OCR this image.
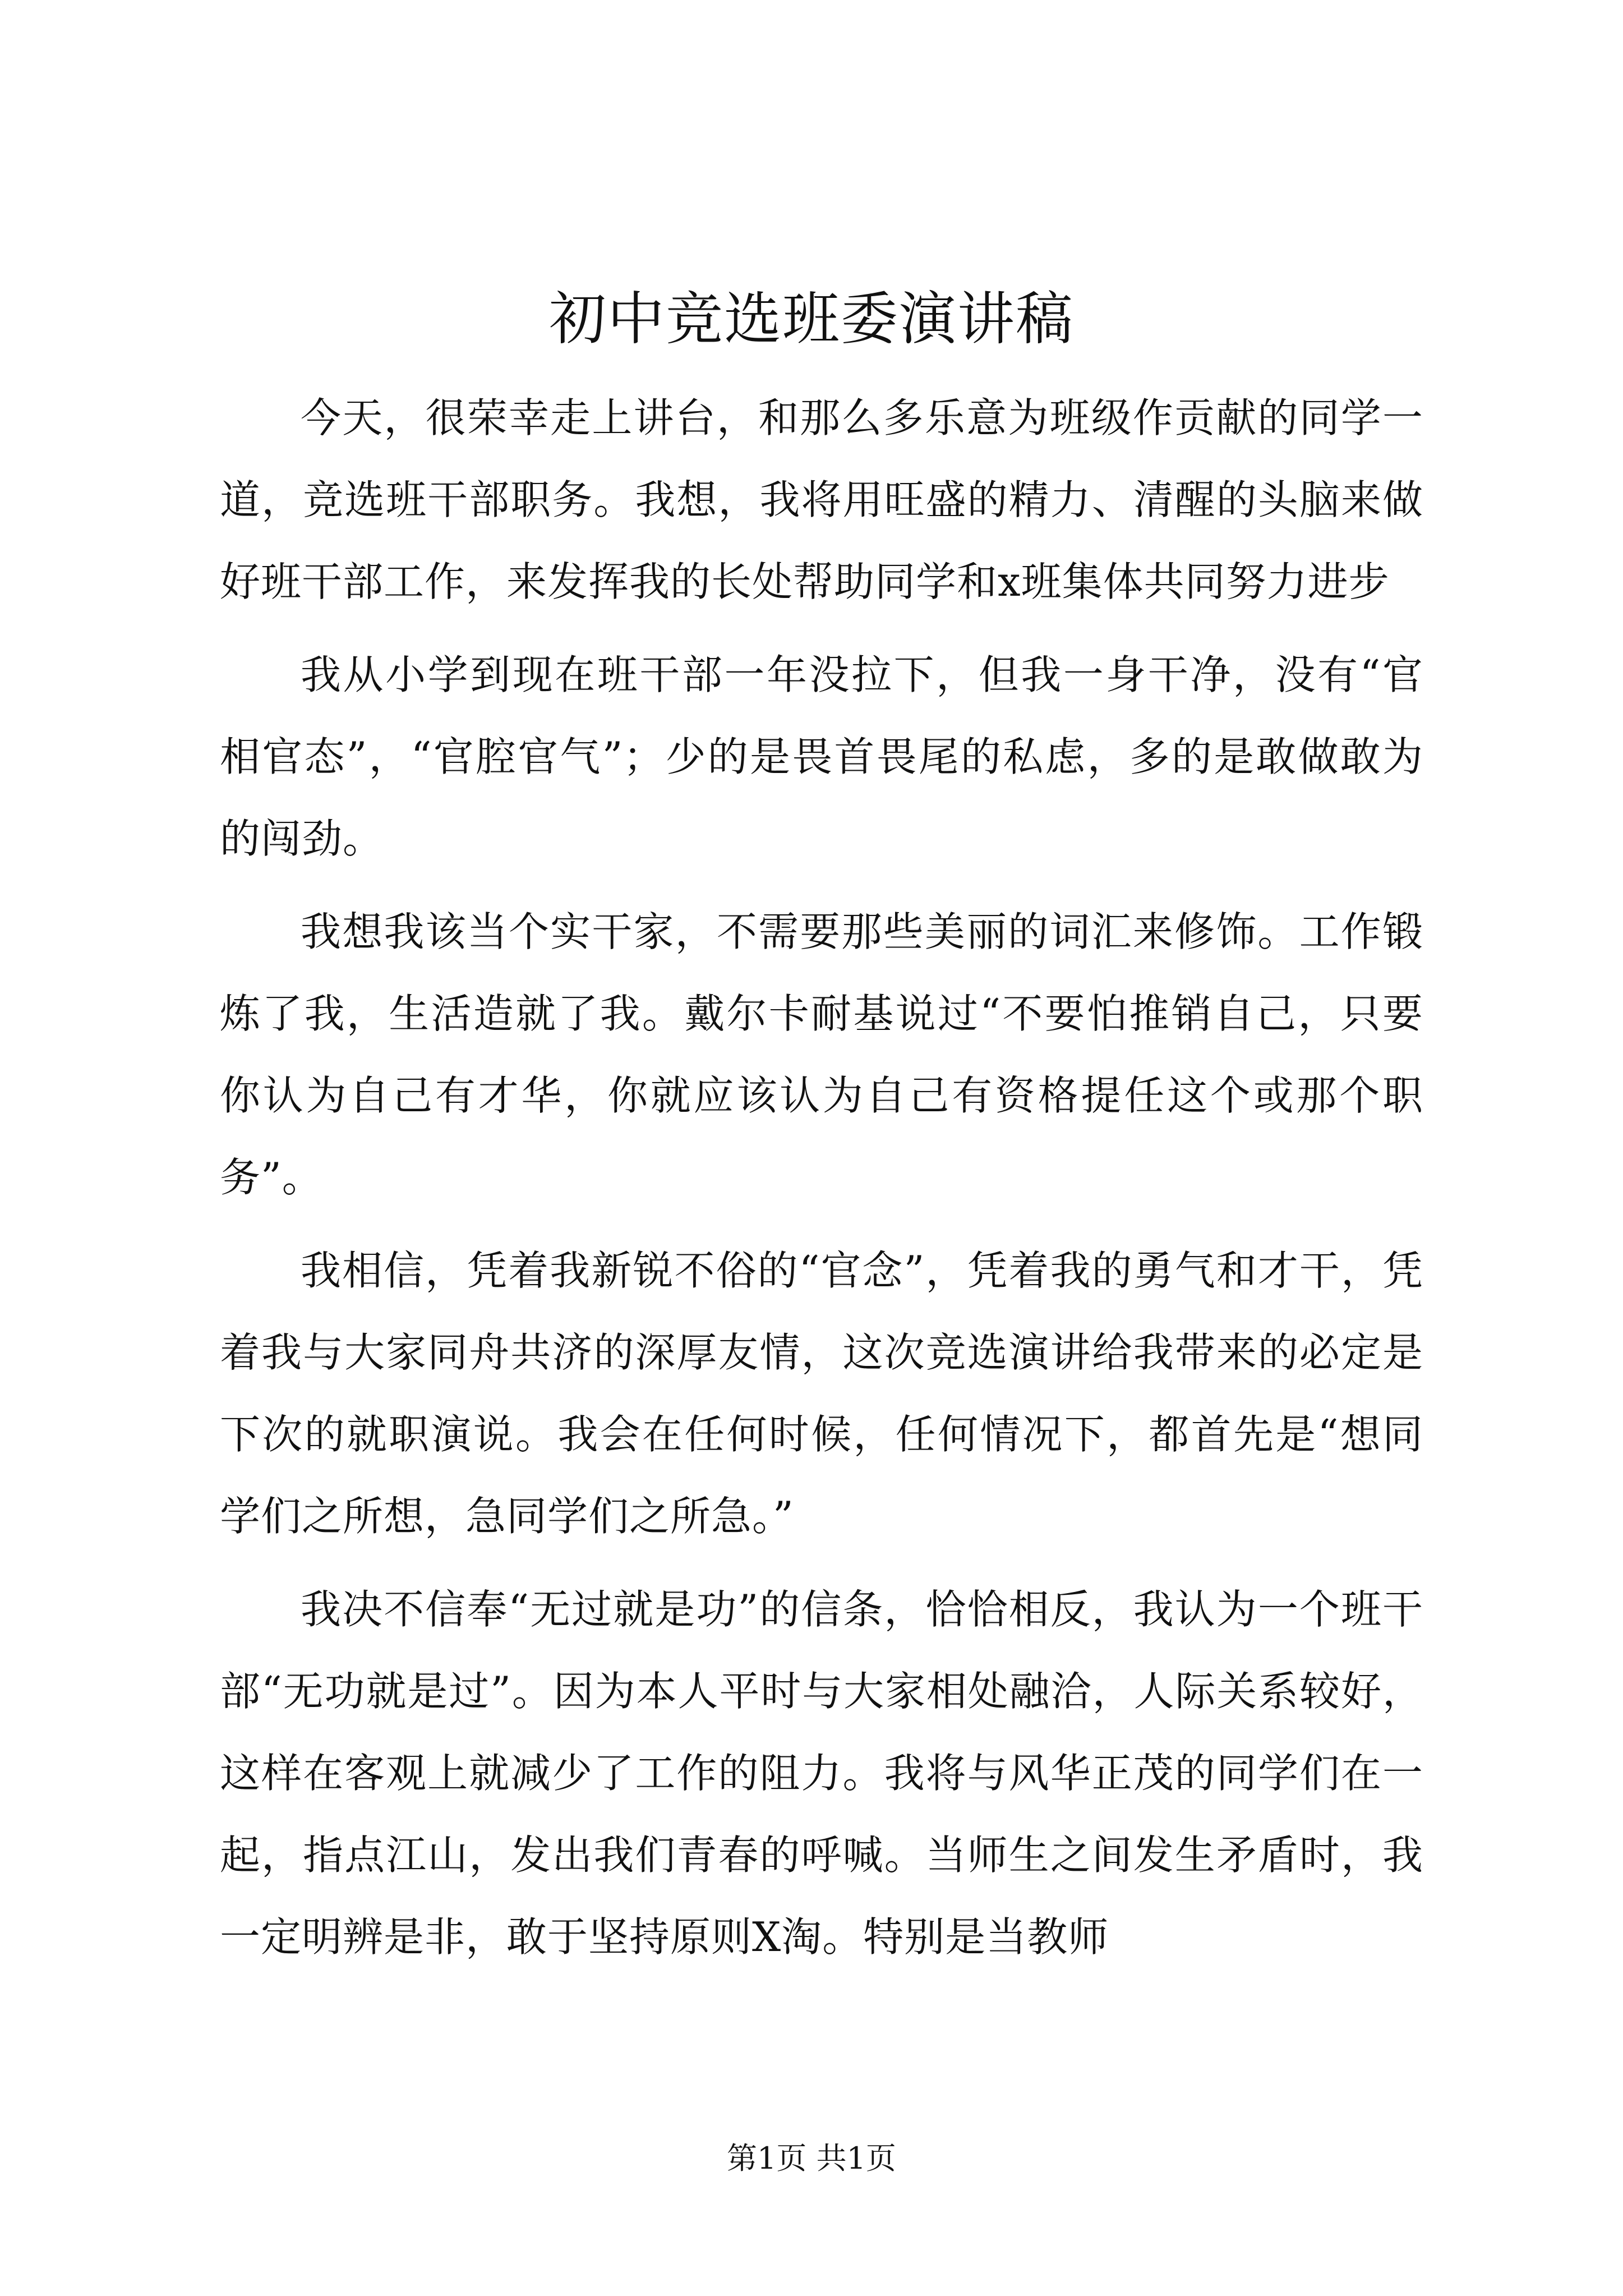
初中竞选班委演讲稿

今天，很荣幸走上讲台，和那么多乐意为班级作贡献的同学一道，竞选班干部职务。我想，我将用旺盛的精力、清醒的头脑来做好班干部工作，来发挥我的长处帮助同学和x班集体共同努力进步

我从小学到现在班干部一年没拉下，但我一身干净，没有“官相官态”，“官腔官气”；少的是畏首畏尾的私虑，多的是敢做敢为的闯劲。

我想我该当个实干家，不需要那些美丽的词汇来修饰。工作锻炼了我，生活造就了我。戴尔卡耐基说过“不要怕推销自己，只要你认为自己有才华，你就应该认为自己有资格提任这个或那个职务”。

我相信，凭着我新锐不俗的“官念”，凭着我的勇气和才干，凭着我与大家同舟共济的深厚友情，这次竞选演讲给我带来的必定是下次的就职演说。我会在任何时候，任何情况下，都首先是“想同学们之所想，急同学们之所急。”

我决不信奉“无过就是功”的信条，恰恰相反，我认为一个班干部“无功就是过”。因为本人平时与大家相处融洽，人际关系较好，这样在客观上就减少了工作的阻力。我将与风华正茂的同学们在一起，指点江山，发出我们青春的呼喊。当师生之间发生矛盾时，我一定明辨是非，敢于坚持原则X淘。特别是当教师

第1页 共1页
